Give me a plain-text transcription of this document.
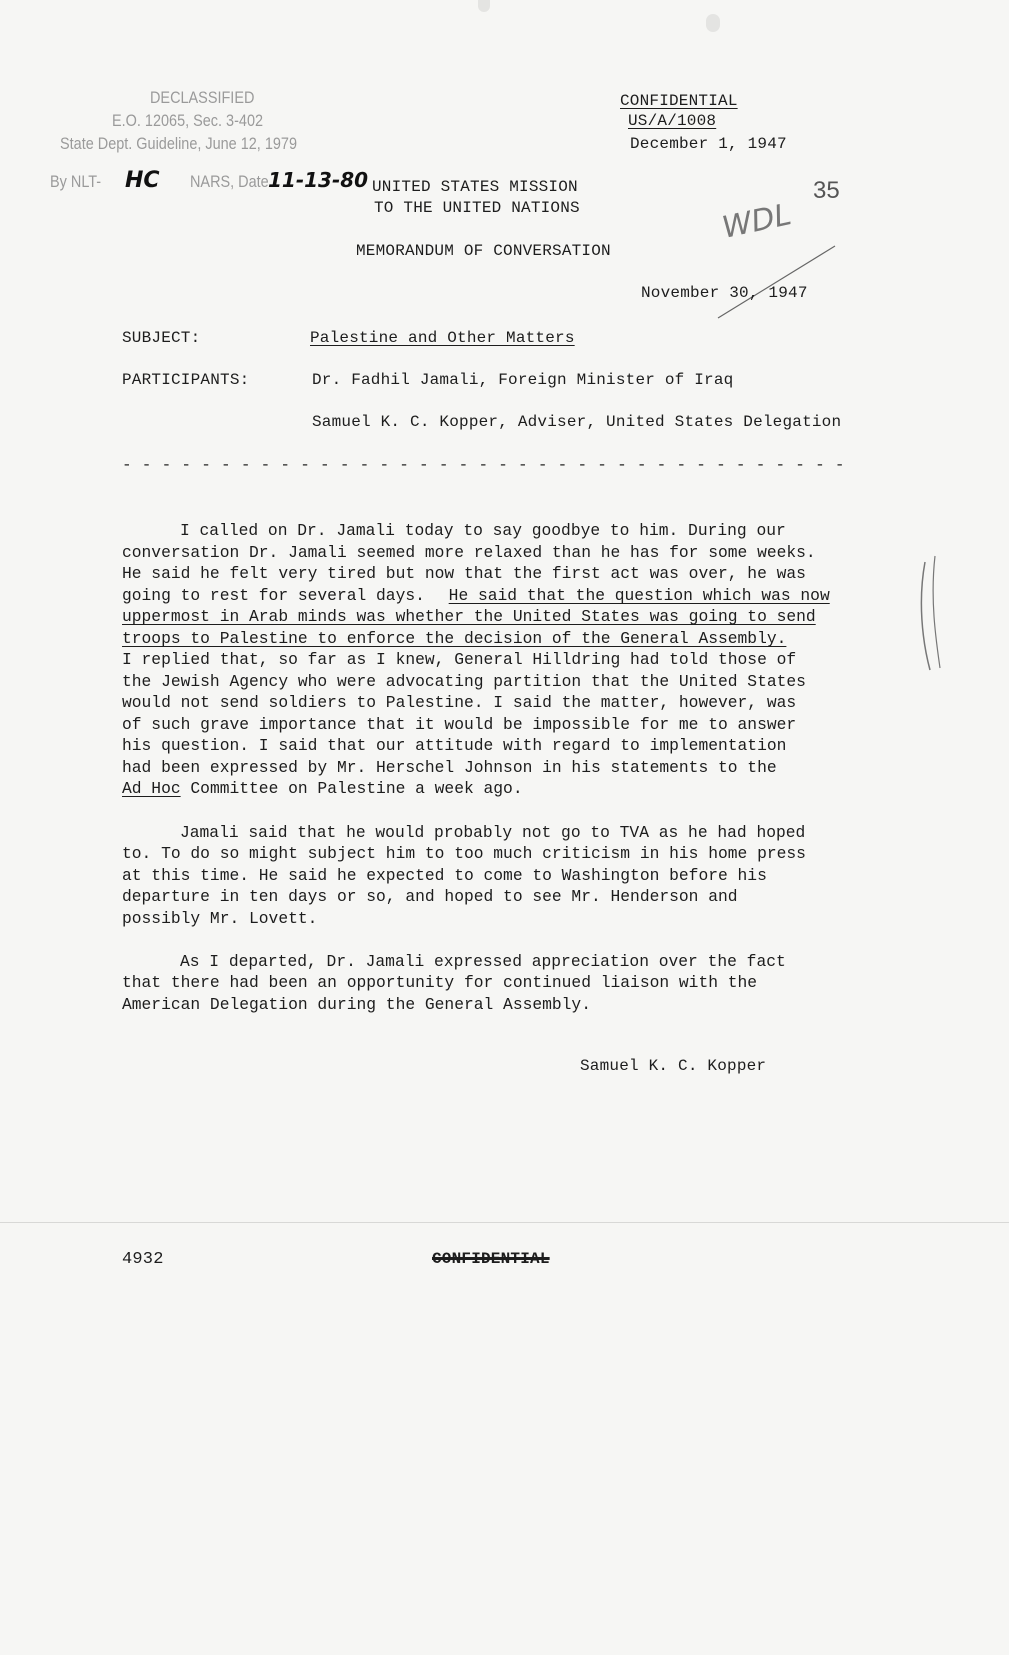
DECLASSIFIED
E.O. 12065, Sec. 3-402
State Dept. Guideline, June 12, 1979
By NLT- HC NARS, Date 11-13-80
CONFIDENTIAL
US/A/1008
December 1, 1947
35
WDL
UNITED STATES MISSION
TO THE UNITED NATIONS
MEMORANDUM OF CONVERSATION
November 30, 1947
SUBJECT:	Palestine and Other Matters
PARTICIPANTS:	Dr. Fadhil Jamali, Foreign Minister of Iraq
Samuel K. C. Kopper, Adviser, United States Delegation
- - - - - - - - - - - - - - - - - - - - - - - - - - - - - - - - - - - - -
I called on Dr. Jamali today to say goodbye to him. During our
conversation Dr. Jamali seemed more relaxed than he has for some weeks.
He said he felt very tired but now that the first act was over, he was
going to rest for several days. He said that the question which was now
uppermost in Arab minds was whether the United States was going to send
troops to Palestine to enforce the decision of the General Assembly.
I replied that, so far as I knew, General Hilldring had told those of
the Jewish Agency who were advocating partition that the United States
would not send soldiers to Palestine. I said the matter, however, was
of such grave importance that it would be impossible for me to answer
his question. I said that our attitude with regard to implementation
had been expressed by Mr. Herschel Johnson in his statements to the
Ad Hoc Committee on Palestine a week ago.
Jamali said that he would probably not go to TVA as he had hoped
to. To do so might subject him to too much criticism in his home press
at this time. He said he expected to come to Washington before his
departure in ten days or so, and hoped to see Mr. Henderson and
possibly Mr. Lovett.
As I departed, Dr. Jamali expressed appreciation over the fact
that there had been an opportunity for continued liaison with the
American Delegation during the General Assembly.
Samuel K. C. Kopper
4932	CONFIDENTIAL
